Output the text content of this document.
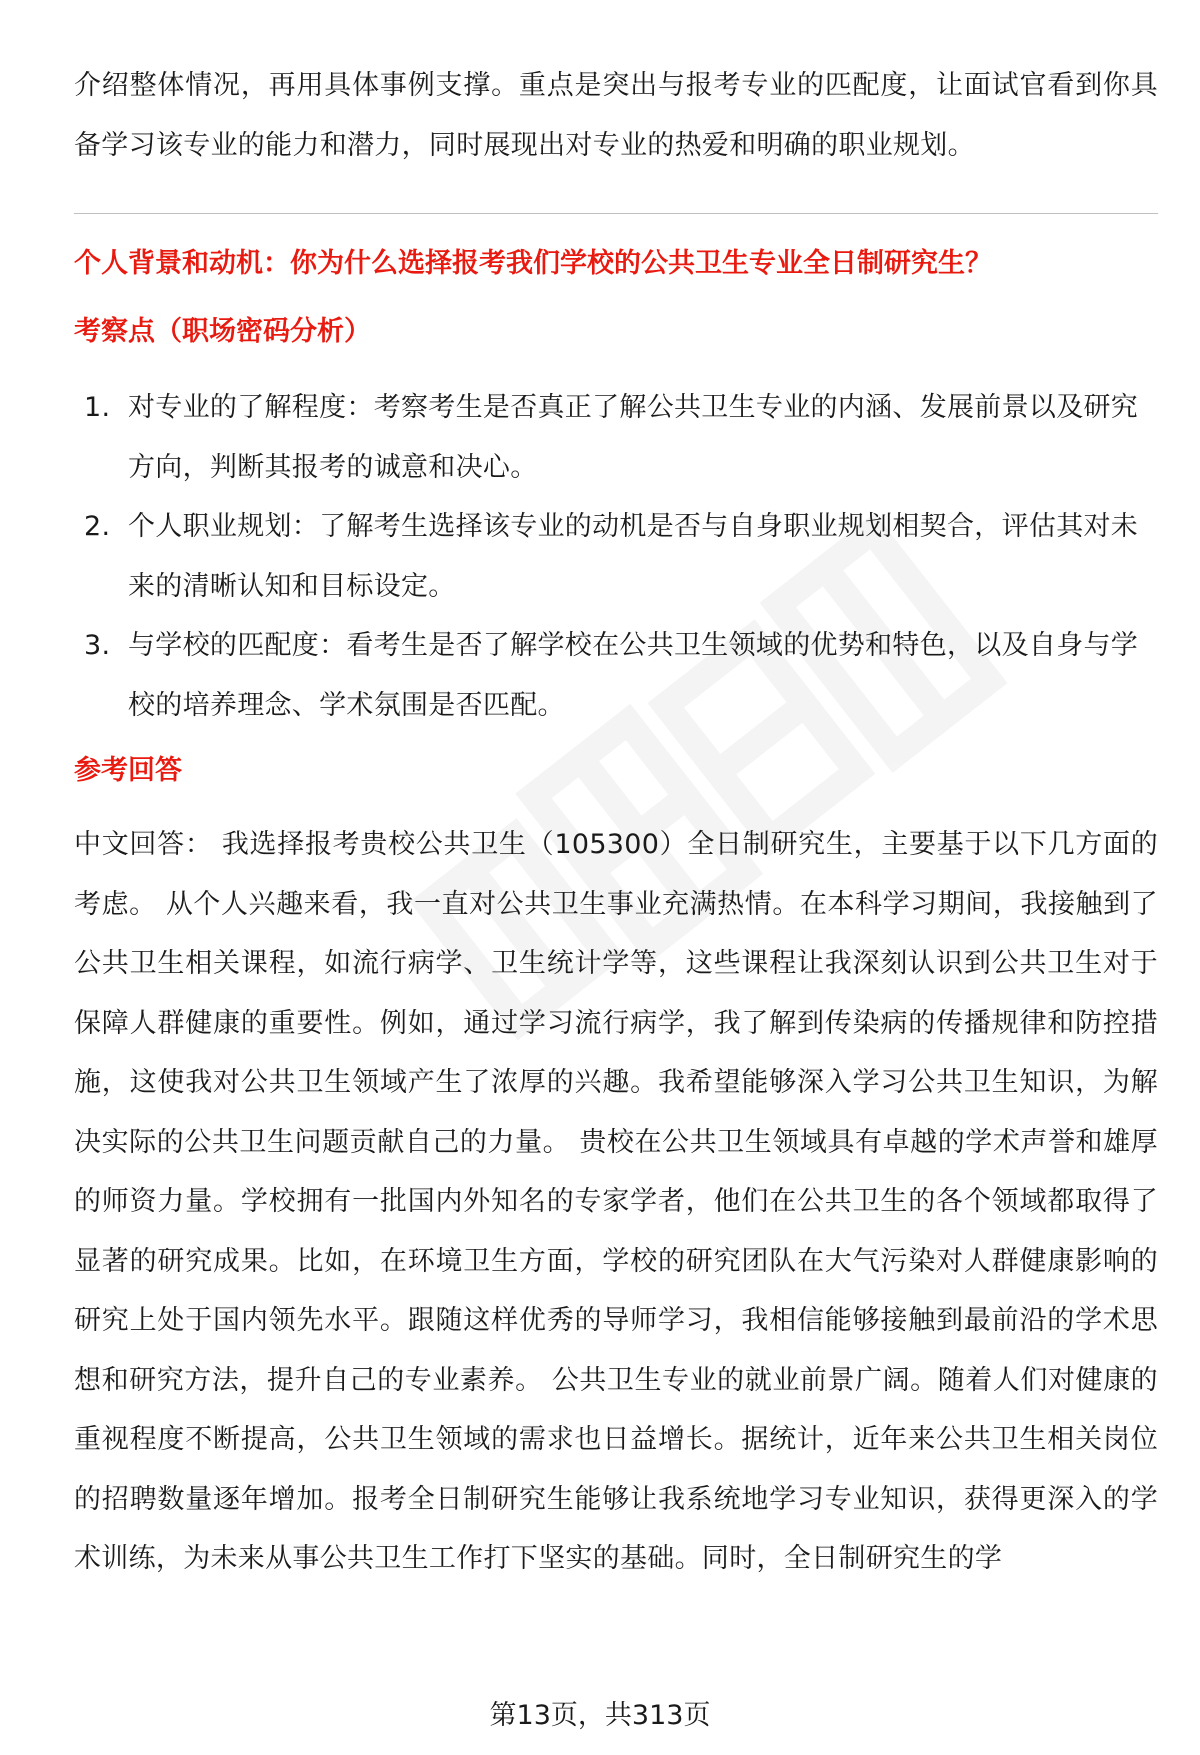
介绍整体情况，再用具体事例支撑。重点是突出与报考专业的匹配度，让面试官看到你具备学习该专业的能力和潜力，同时展现出对专业的热爱和明确的职业规划。

个人背景和动机：你为什么选择报考我们学校的公共卫生专业全日制研究生？

考察点（职场密码分析）

1. 对专业的了解程度：考察考生是否真正了解公共卫生专业的内涵、发展前景以及研究方向，判断其报考的诚意和决心。
2. 个人职业规划：了解考生选择该专业的动机是否与自身职业规划相契合，评估其对未来的清晰认知和目标设定。
3. 与学校的匹配度：看考生是否了解学校在公共卫生领域的优势和特色，以及自身与学校的培养理念、学术氛围是否匹配。

参考回答

中文回答： 我选择报考贵校公共卫生（105300）全日制研究生，主要基于以下几方面的考虑。 从个人兴趣来看，我一直对公共卫生事业充满热情。在本科学习期间，我接触到了公共卫生相关课程，如流行病学、卫生统计学等，这些课程让我深刻认识到公共卫生对于保障人群健康的重要性。例如，通过学习流行病学，我了解到传染病的传播规律和防控措施，这使我对公共卫生领域产生了浓厚的兴趣。我希望能够深入学习公共卫生知识，为解决实际的公共卫生问题贡献自己的力量。 贵校在公共卫生领域具有卓越的学术声誉和雄厚的师资力量。学校拥有一批国内外知名的专家学者，他们在公共卫生的各个领域都取得了显著的研究成果。比如，在环境卫生方面，学校的研究团队在大气污染对人群健康影响的研究上处于国内领先水平。跟随这样优秀的导师学习，我相信能够接触到最前沿的学术思想和研究方法，提升自己的专业素养。 公共卫生专业的就业前景广阔。随着人们对健康的重视程度不断提高，公共卫生领域的需求也日益增长。据统计，近年来公共卫生相关岗位的招聘数量逐年增加。报考全日制研究生能够让我系统地学习专业知识，获得更深入的学术训练，为未来从事公共卫生工作打下坚实的基础。同时，全日制研究生的学

第13页，共313页
